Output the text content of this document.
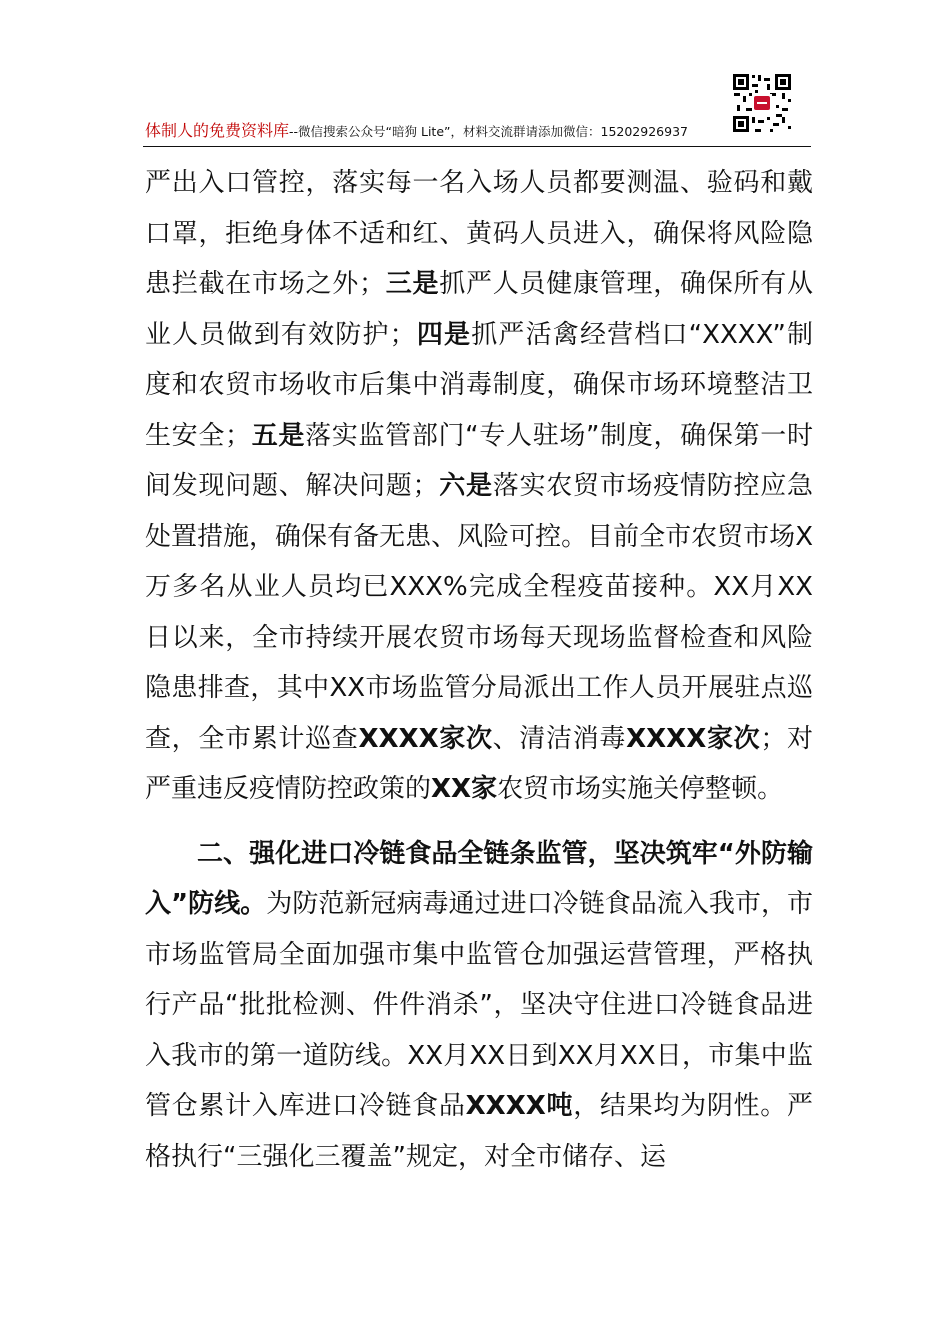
体制人的免费资料库--微信搜索公众号“暗狗 Lite”，材料交流群请添加微信：15202926937

严出入口管控，落实每一名入场人员都要测温、验码和戴口罩，拒绝身体不适和红、黄码人员进入，确保将风险隐患拦截在市场之外；三是抓严人员健康管理，确保所有从业人员做到有效防护；四是抓严活禽经营档口“XXXX”制度和农贸市场收市后集中消毒制度，确保市场环境整洁卫生安全；五是落实监管部门“专人驻场”制度，确保第一时间发现问题、解决问题；六是落实农贸市场疫情防控应急处置措施，确保有备无患、风险可控。目前全市农贸市场X万多名从业人员均已XXX%完成全程疫苗接种。XX月XX日以来，全市持续开展农贸市场每天现场监督检查和风险隐患排查，其中XX市场监管分局派出工作人员开展驻点巡查，全市累计巡查XXXX家次、清洁消毒XXXX家次；对严重违反疫情防控政策的XX家农贸市场实施关停整顿。

二、强化进口冷链食品全链条监管，坚决筑牢“外防输入”防线。为防范新冠病毒通过进口冷链食品流入我市，市市场监管局全面加强市集中监管仓加强运营管理，严格执行产品“批批检测、件件消杀”，坚决守住进口冷链食品进入我市的第一道防线。XX月XX日到XX月XX日，市集中监管仓累计入库进口冷链食品XXXX吨，结果均为阴性。严格执行“三强化三覆盖”规定，对全市储存、运
